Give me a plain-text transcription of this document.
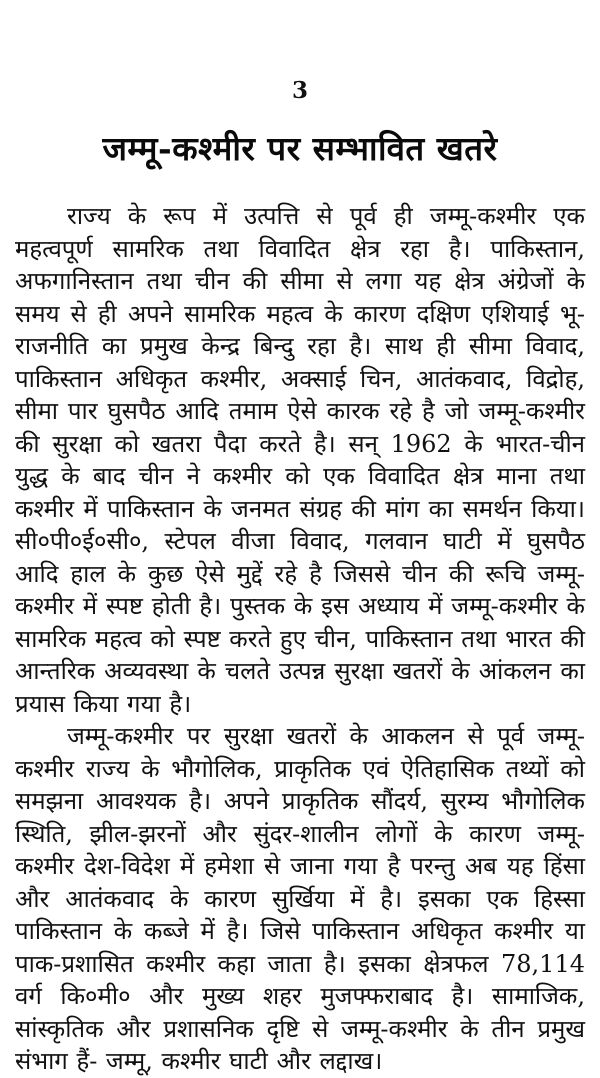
3
जम्मू-कश्मीर पर सम्भावित खतरे

राज्य के रूप में उत्पत्ति से पूर्व ही जम्मू-कश्मीर एक महत्वपूर्ण सामरिक तथा विवादित क्षेत्र रहा है। पाकिस्तान, अफगानिस्तान तथा चीन की सीमा से लगा यह क्षेत्र अंग्रेजों के समय से ही अपने सामरिक महत्व के कारण दक्षिण एशियाई भू-राजनीति का प्रमुख केन्द्र बिन्दु रहा है। साथ ही सीमा विवाद, पाकिस्तान अधिकृत कश्मीर, अक्साई चिन, आतंकवाद, विद्रोह, सीमा पार घुसपैठ आदि तमाम ऐसे कारक रहे है जो जम्मू-कश्मीर की सुरक्षा को खतरा पैदा करते है। सन् 1962 के भारत-चीन युद्ध के बाद चीन ने कश्मीर को एक विवादित क्षेत्र माना तथा कश्मीर में पाकिस्तान के जनमत संग्रह की मांग का समर्थन किया। सी०पी०ई०सी०, स्टेपल वीजा विवाद, गलवान घाटी में घुसपैठ आदि हाल के कुछ ऐसे मुद्दें रहे है जिससे चीन की रूचि जम्मू-कश्मीर में स्पष्ट होती है। पुस्तक के इस अध्याय में जम्मू-कश्मीर के सामरिक महत्व को स्पष्ट करते हुए चीन, पाकिस्तान तथा भारत की आन्तरिक अव्यवस्था के चलते उत्पन्न सुरक्षा खतरों के आंकलन का प्रयास किया गया है।

जम्मू-कश्मीर पर सुरक्षा खतरों के आकलन से पूर्व जम्मू-कश्मीर राज्य के भौगोलिक, प्राकृतिक एवं ऐतिहासिक तथ्यों को समझना आवश्यक है। अपने प्राकृतिक सौंदर्य, सुरम्य भौगोलिक स्थिति, झील-झरनों और सुंदर-शालीन लोगों के कारण जम्मू-कश्मीर देश-विदेश में हमेशा से जाना गया है परन्तु अब यह हिंसा और आतंकवाद के कारण सुर्खिया में है। इसका एक हिस्सा पाकिस्तान के कब्जे में है। जिसे पाकिस्तान अधिकृत कश्मीर या पाक-प्रशासित कश्मीर कहा जाता है। इसका क्षेत्रफल 78,114 वर्ग कि०मी० और मुख्य शहर मुजफ्फराबाद है। सामाजिक, सांस्कृतिक और प्रशासनिक दृष्टि से जम्मू-कश्मीर के तीन प्रमुख संभाग हैं- जम्मू, कश्मीर घाटी और लद्दाख।
